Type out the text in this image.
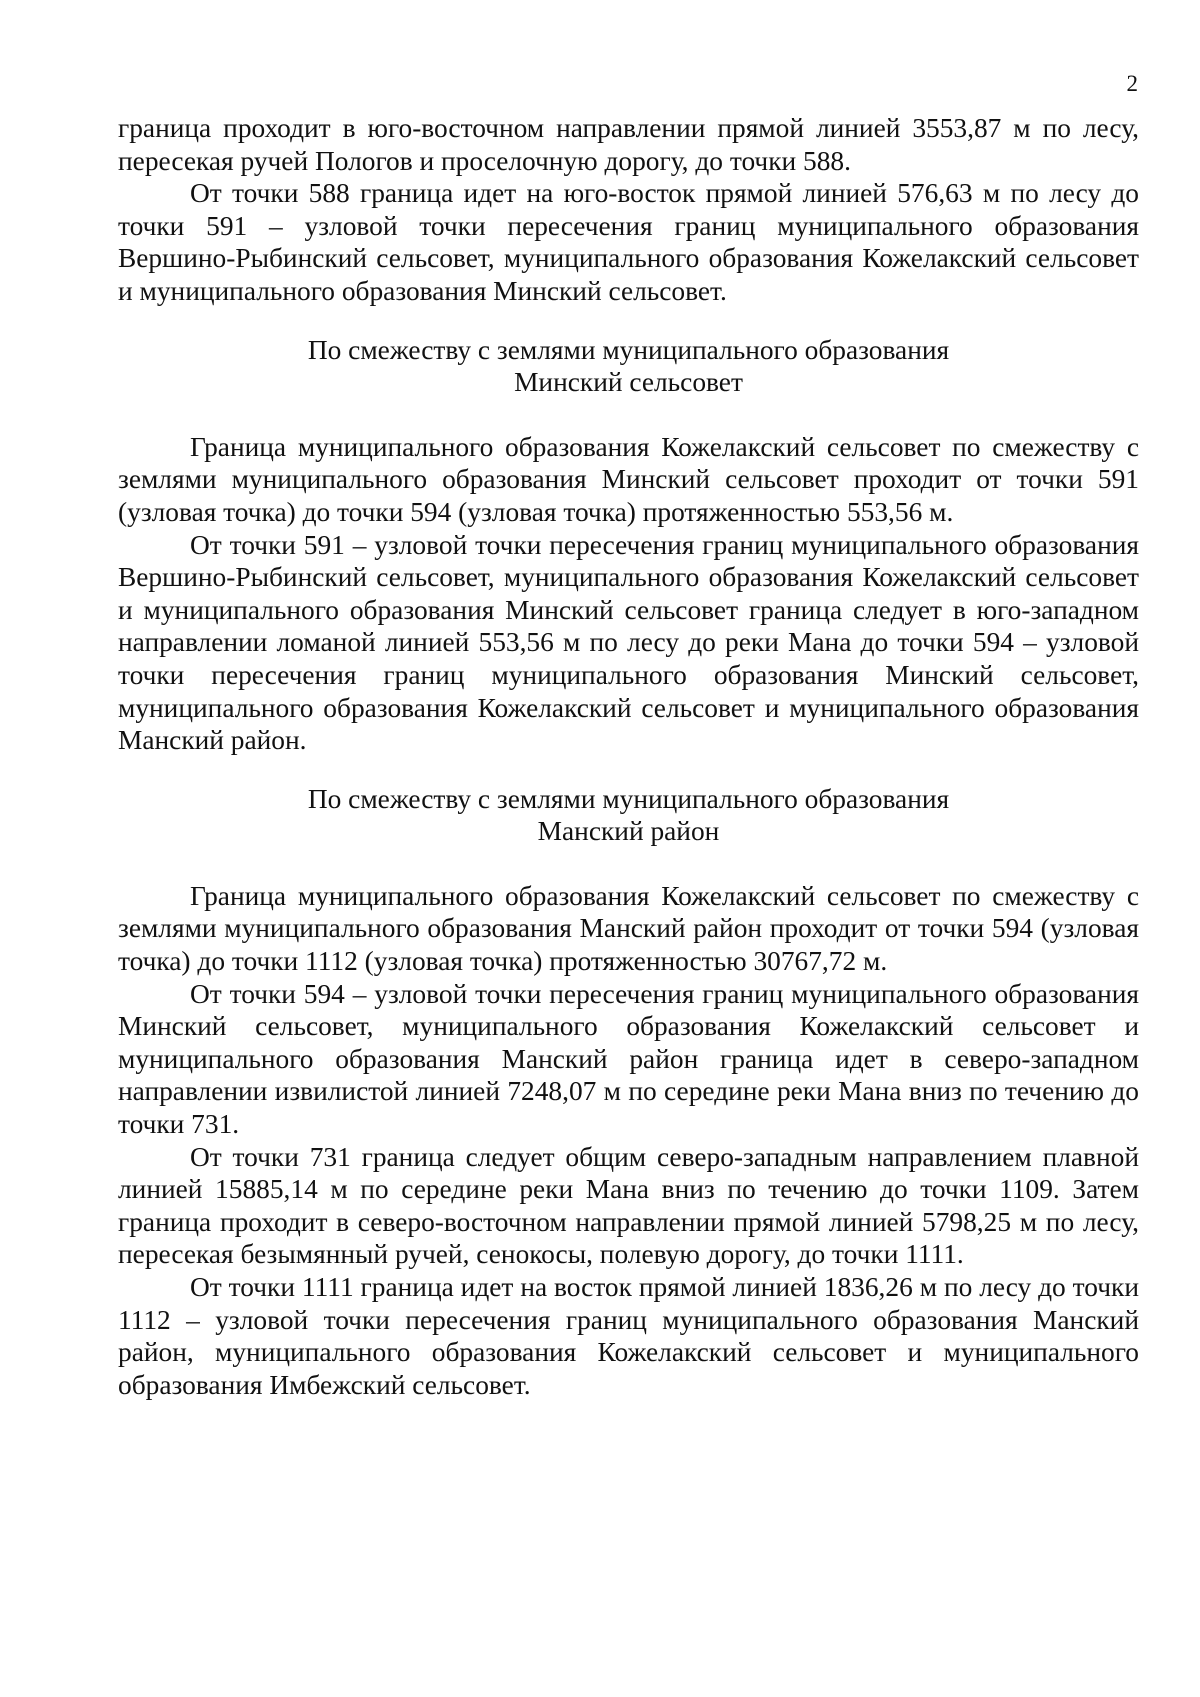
2

граница проходит в юго-восточном направлении прямой линией 3553,87 м по лесу, пересекая ручей Пологов и проселочную дорогу, до точки 588.

От точки 588 граница идет на юго-восток прямой линией 576,63 м по лесу до точки 591 – узловой точки пересечения границ муниципального образования Вершино-Рыбинский сельсовет, муниципального образования Кожелакский сельсовет и муниципального образования Минский сельсовет.

По смежеству с землями муниципального образования
Минский сельсовет

Граница муниципального образования Кожелакский сельсовет по смежеству с землями муниципального образования Минский сельсовет проходит от точки 591 (узловая точка) до точки 594 (узловая точка) протяженностью 553,56 м.

От точки 591 – узловой точки пересечения границ муниципального образования Вершино-Рыбинский сельсовет, муниципального образования Кожелакский сельсовет и муниципального образования Минский сельсовет граница следует в юго-западном направлении ломаной линией 553,56 м по лесу до реки Мана до точки 594 – узловой точки пересечения границ муниципального образования Минский сельсовет, муниципального образования Кожелакский сельсовет и муниципального образования Манский район.

По смежеству с землями муниципального образования
Манский район

Граница муниципального образования Кожелакский сельсовет по смежеству с землями муниципального образования Манский район проходит от точки 594 (узловая точка) до точки 1112 (узловая точка) протяженностью 30767,72 м.

От точки 594 – узловой точки пересечения границ муниципального образования Минский сельсовет, муниципального образования Кожелакский сельсовет и муниципального образования Манский район граница идет в северо-западном направлении извилистой линией 7248,07 м по середине реки Мана вниз по течению до точки 731.

От точки 731 граница следует общим северо-западным направлением плавной линией 15885,14 м по середине реки Мана вниз по течению до точки 1109. Затем граница проходит в северо-восточном направлении прямой линией 5798,25 м по лесу, пересекая безымянный ручей, сенокосы, полевую дорогу, до точки 1111.

От точки 1111 граница идет на восток прямой линией 1836,26 м по лесу до точки 1112 – узловой точки пересечения границ муниципального образования Манский район, муниципального образования Кожелакский сельсовет и муниципального образования Имбежский сельсовет.
